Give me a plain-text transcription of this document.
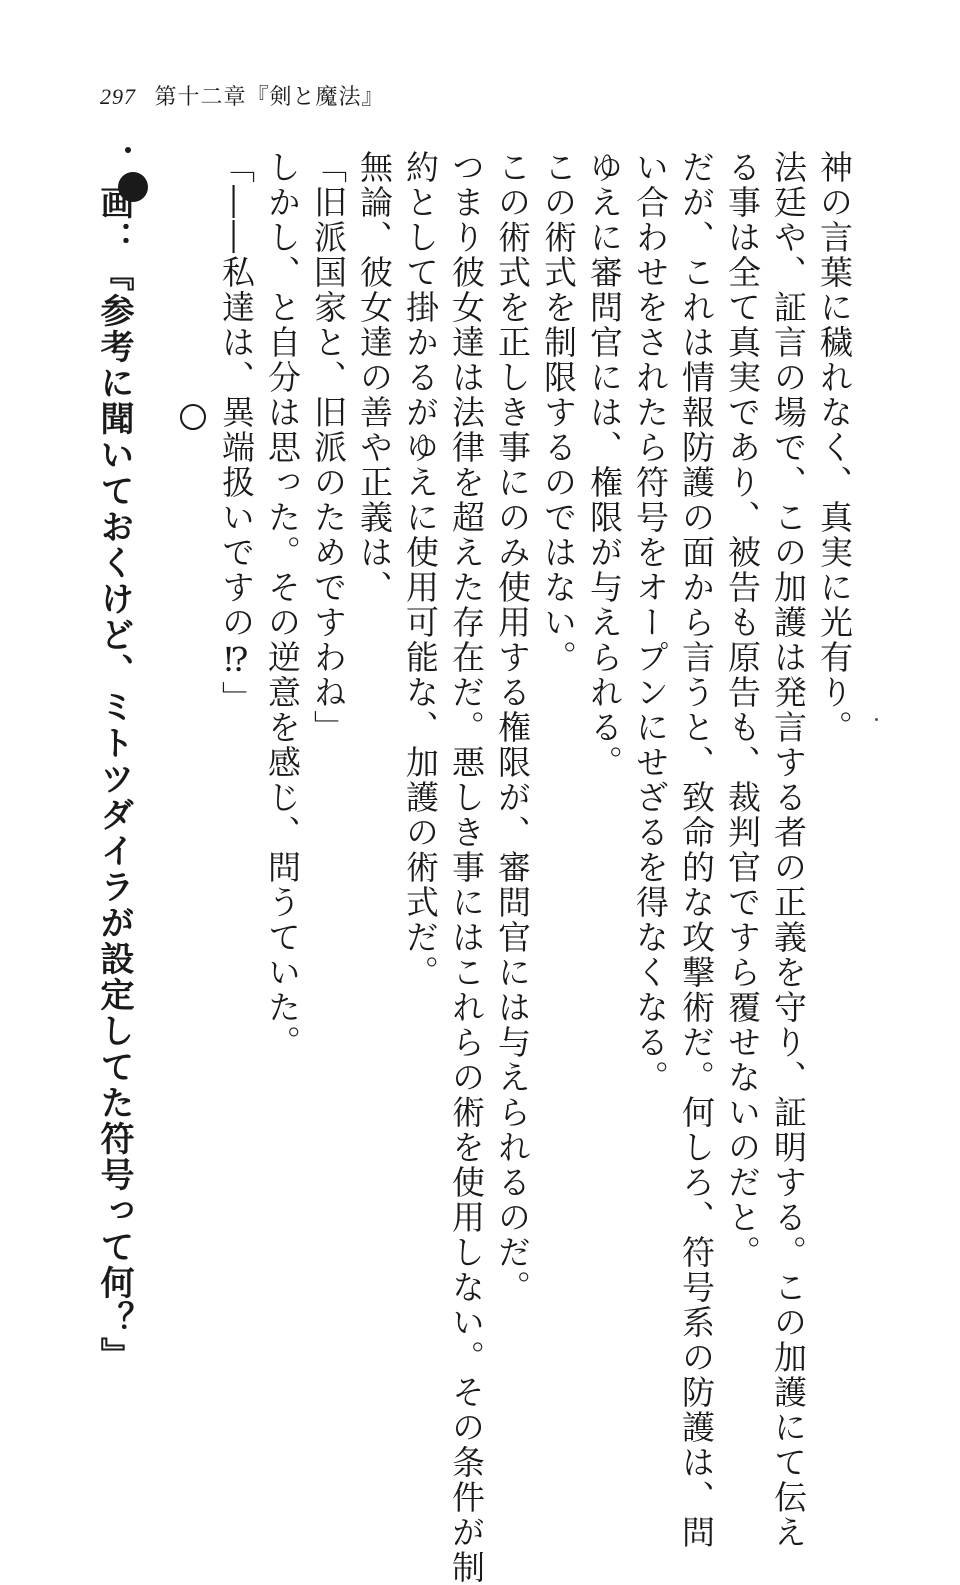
297 第十二章『剣と魔法』
神の言葉に穢れなく、真実に光有り。
法廷や、証言の場で、この加護は発言する者の正義を守り、証明する。この加護にて伝え
る事は全て真実であり、被告も原告も、裁判官ですら覆せないのだと。
だが、これは情報防護の面から言うと、致命的な攻撃術だ。何しろ、符号系の防護は、問
い合わせをされたら符号をオープンにせざるを得なくなる。
ゆえに審問官には、権限が与えられる。
この術式を制限するのではない。
この術式を正しき事にのみ使用する権限が、審問官には与えられるのだ。
つまり彼女達は法律を超えた存在だ。悪しき事にはこれらの術を使用しない。その条件が制
約として掛かるがゆえに使用可能な、加護の術式だ。
無論、彼女達の善や正義は、
「旧派国家と、旧派のためですわね」
しかし、と自分は思った。その逆意を感じ、問うていた。
「――私達は、異端扱いですの⁉」
画：『参考に聞いておくけど、ミトツダイラが設定してた符号って何？』
